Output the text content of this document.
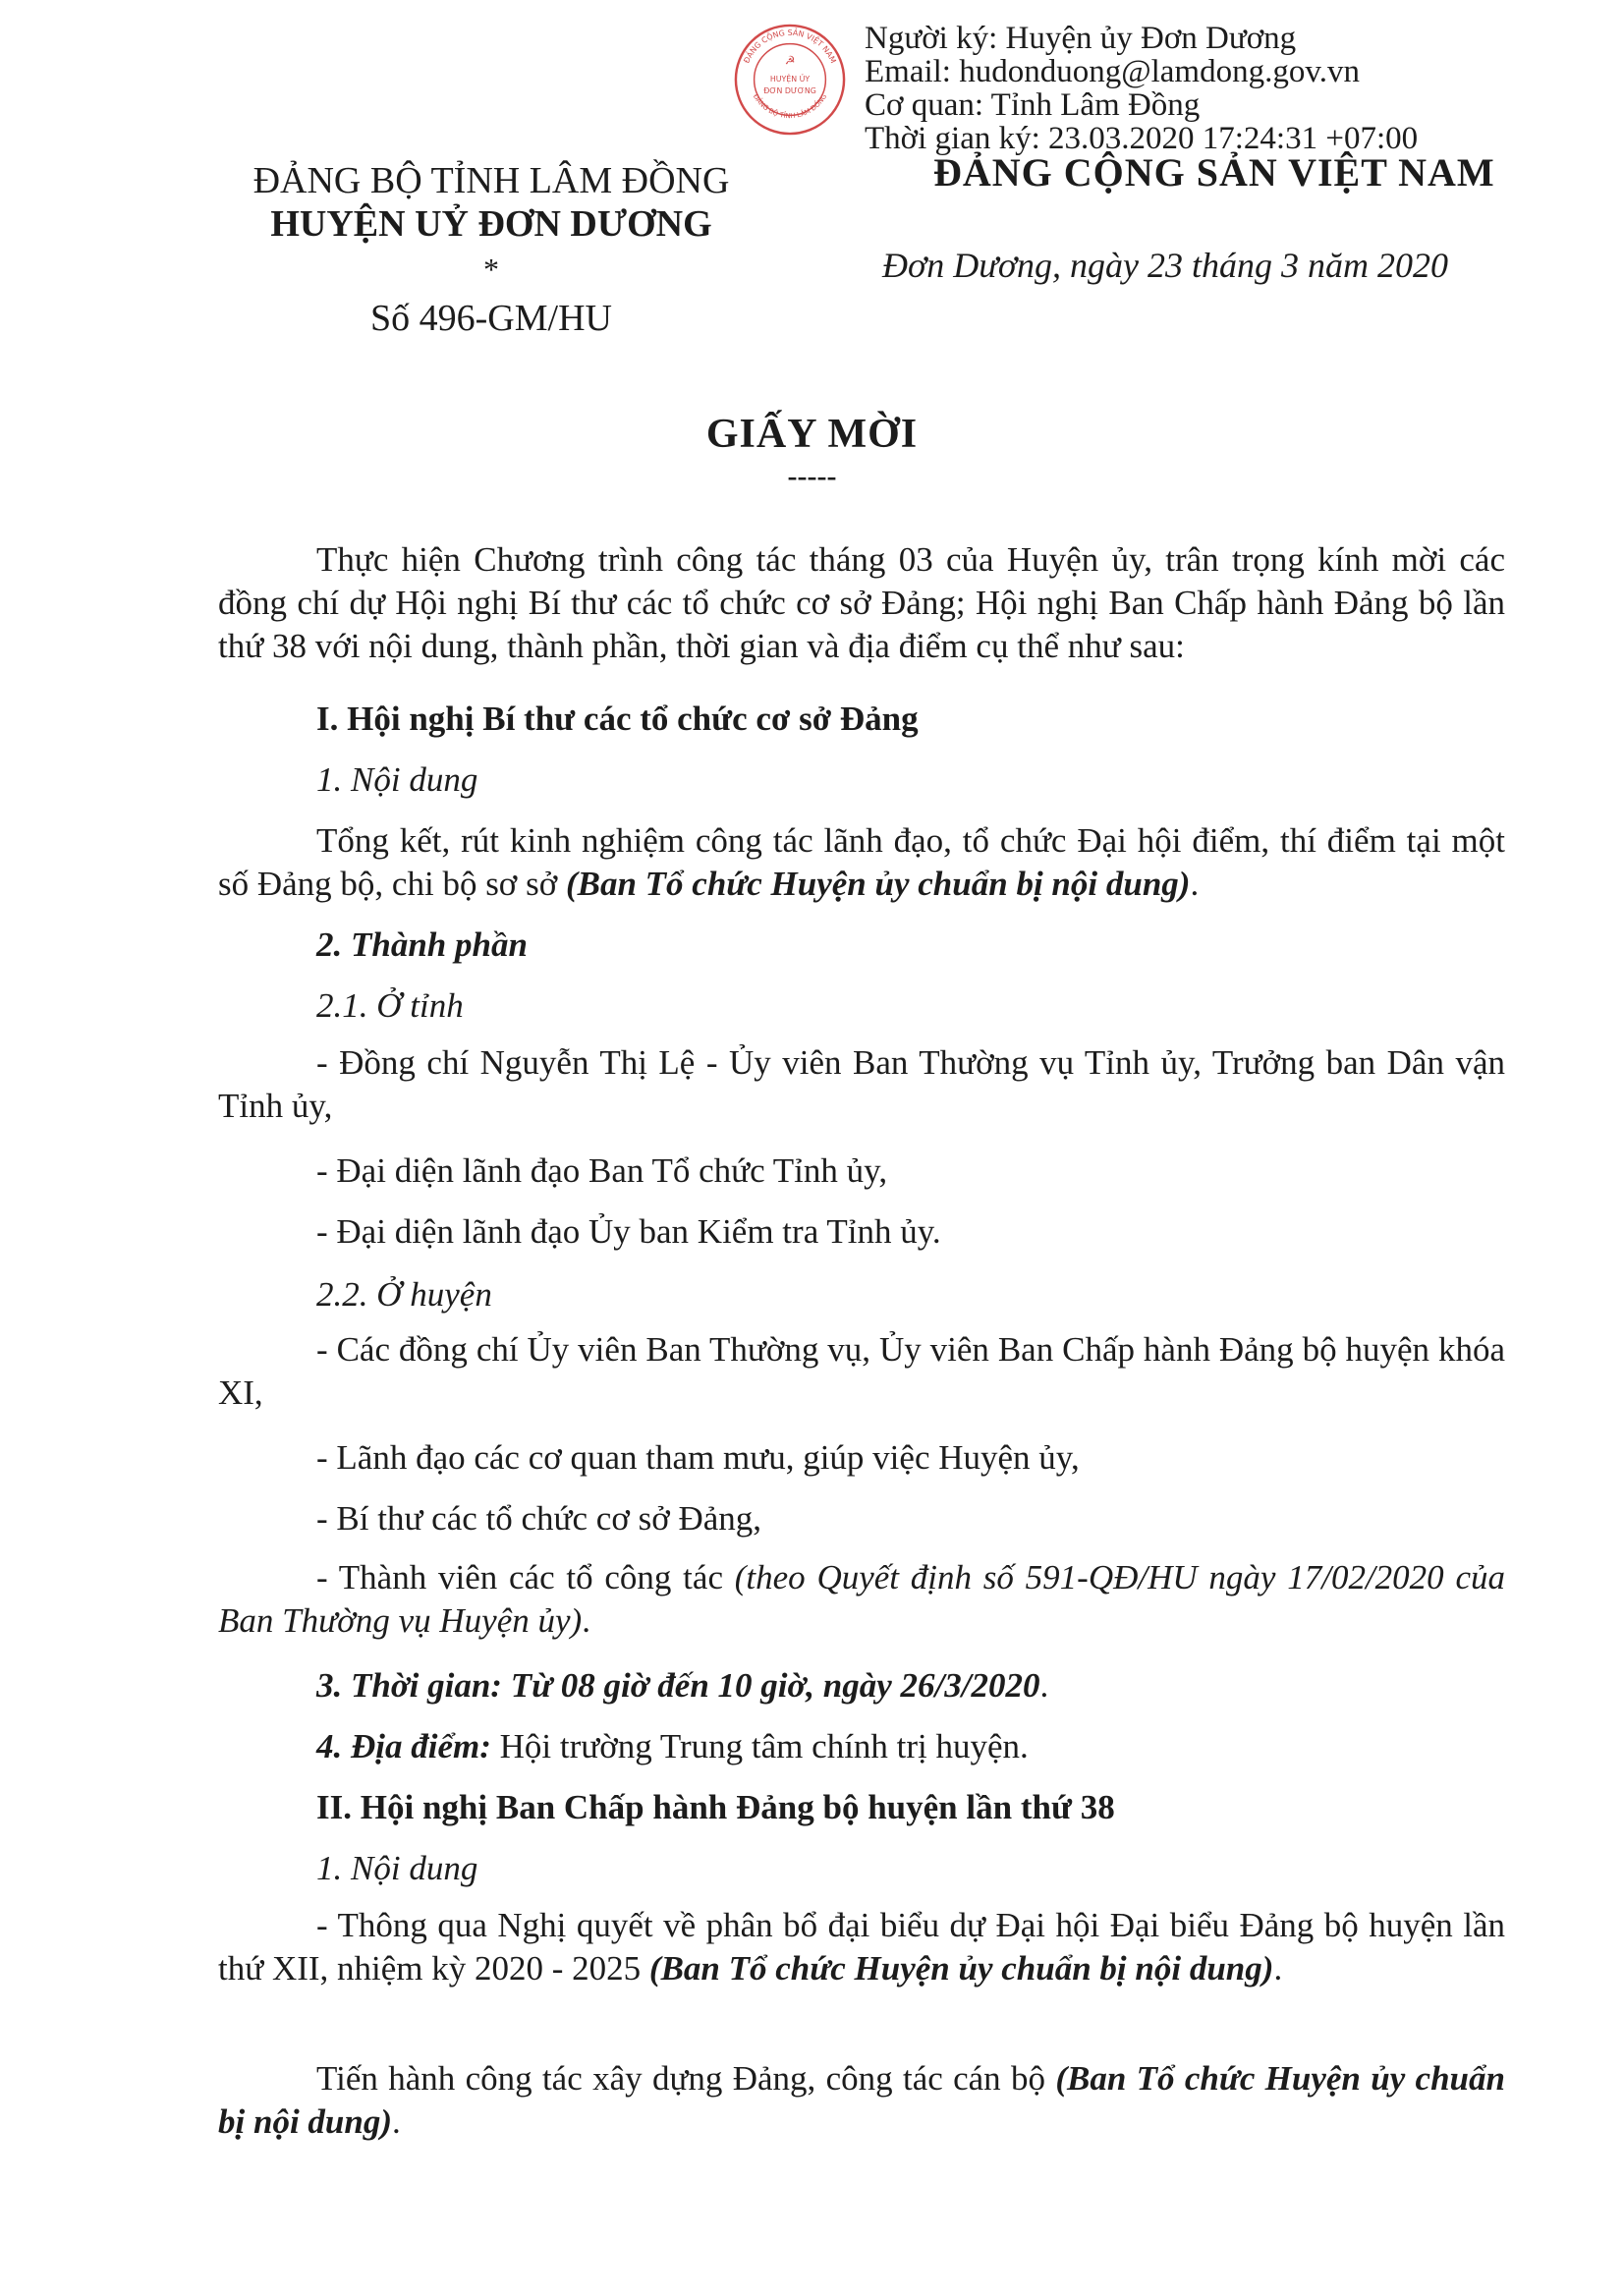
Người ký: Huyện ủy Đơn Dương
Email: hudonduong@lamdong.gov.vn
Cơ quan: Tỉnh Lâm Đồng
Thời gian ký: 23.03.2020 17:24:31 +07:00
ĐẢNG CỘNG SẢN VIỆT NAM
ĐẢNG BỘ TỈNH LÂM ĐỒNG
☭
HUYỆN ỦY
ĐƠN DƯƠNG
ĐẢNG BỘ TỈNH LÂM ĐỒNG
HUYỆN UỶ ĐƠN DƯƠNG
*
Số 496-GM/HU
ĐẢNG CỘNG SẢN VIỆT NAM
Đơn Dương, ngày 23 tháng 3 năm 2020
GIẤY MỜI
-----
Thực hiện Chương trình công tác tháng 03 của Huyện ủy, trân trọng kính mời các đồng chí dự Hội nghị Bí thư các tổ chức cơ sở Đảng; Hội nghị Ban Chấp hành Đảng bộ lần thứ 38 với nội dung, thành phần, thời gian và địa điểm cụ thể như sau:
I. Hội nghị Bí thư các tổ chức cơ sở Đảng
1. Nội dung
Tổng kết, rút kinh nghiệm công tác lãnh đạo, tổ chức Đại hội điểm, thí điểm tại một số Đảng bộ, chi bộ sơ sở (Ban Tổ chức Huyện ủy chuẩn bị nội dung).
2. Thành phần
2.1. Ở tỉnh
- Đồng chí Nguyễn Thị Lệ - Ủy viên Ban Thường vụ Tỉnh ủy, Trưởng ban Dân vận Tỉnh ủy,
- Đại diện lãnh đạo Ban Tổ chức Tỉnh ủy,
- Đại diện lãnh đạo Ủy ban Kiểm tra Tỉnh ủy.
2.2. Ở huyện
- Các đồng chí Ủy viên Ban Thường vụ, Ủy viên Ban Chấp hành Đảng bộ huyện khóa XI,
- Lãnh đạo các cơ quan tham mưu, giúp việc Huyện ủy,
- Bí thư các tổ chức cơ sở Đảng,
- Thành viên các tổ công tác (theo Quyết định số 591-QĐ/HU ngày 17/02/2020 của Ban Thường vụ Huyện ủy).
3. Thời gian: Từ 08 giờ đến 10 giờ, ngày 26/3/2020.
4. Địa điểm: Hội trường Trung tâm chính trị huyện.
II. Hội nghị Ban Chấp hành Đảng bộ huyện lần thứ 38
1. Nội dung
- Thông qua Nghị quyết về phân bổ đại biểu dự Đại hội Đại biểu Đảng bộ huyện lần thứ XII, nhiệm kỳ 2020 - 2025 (Ban Tổ chức Huyện ủy chuẩn bị nội dung).
Tiến hành công tác xây dựng Đảng, công tác cán bộ (Ban Tổ chức Huyện ủy chuẩn bị nội dung).
